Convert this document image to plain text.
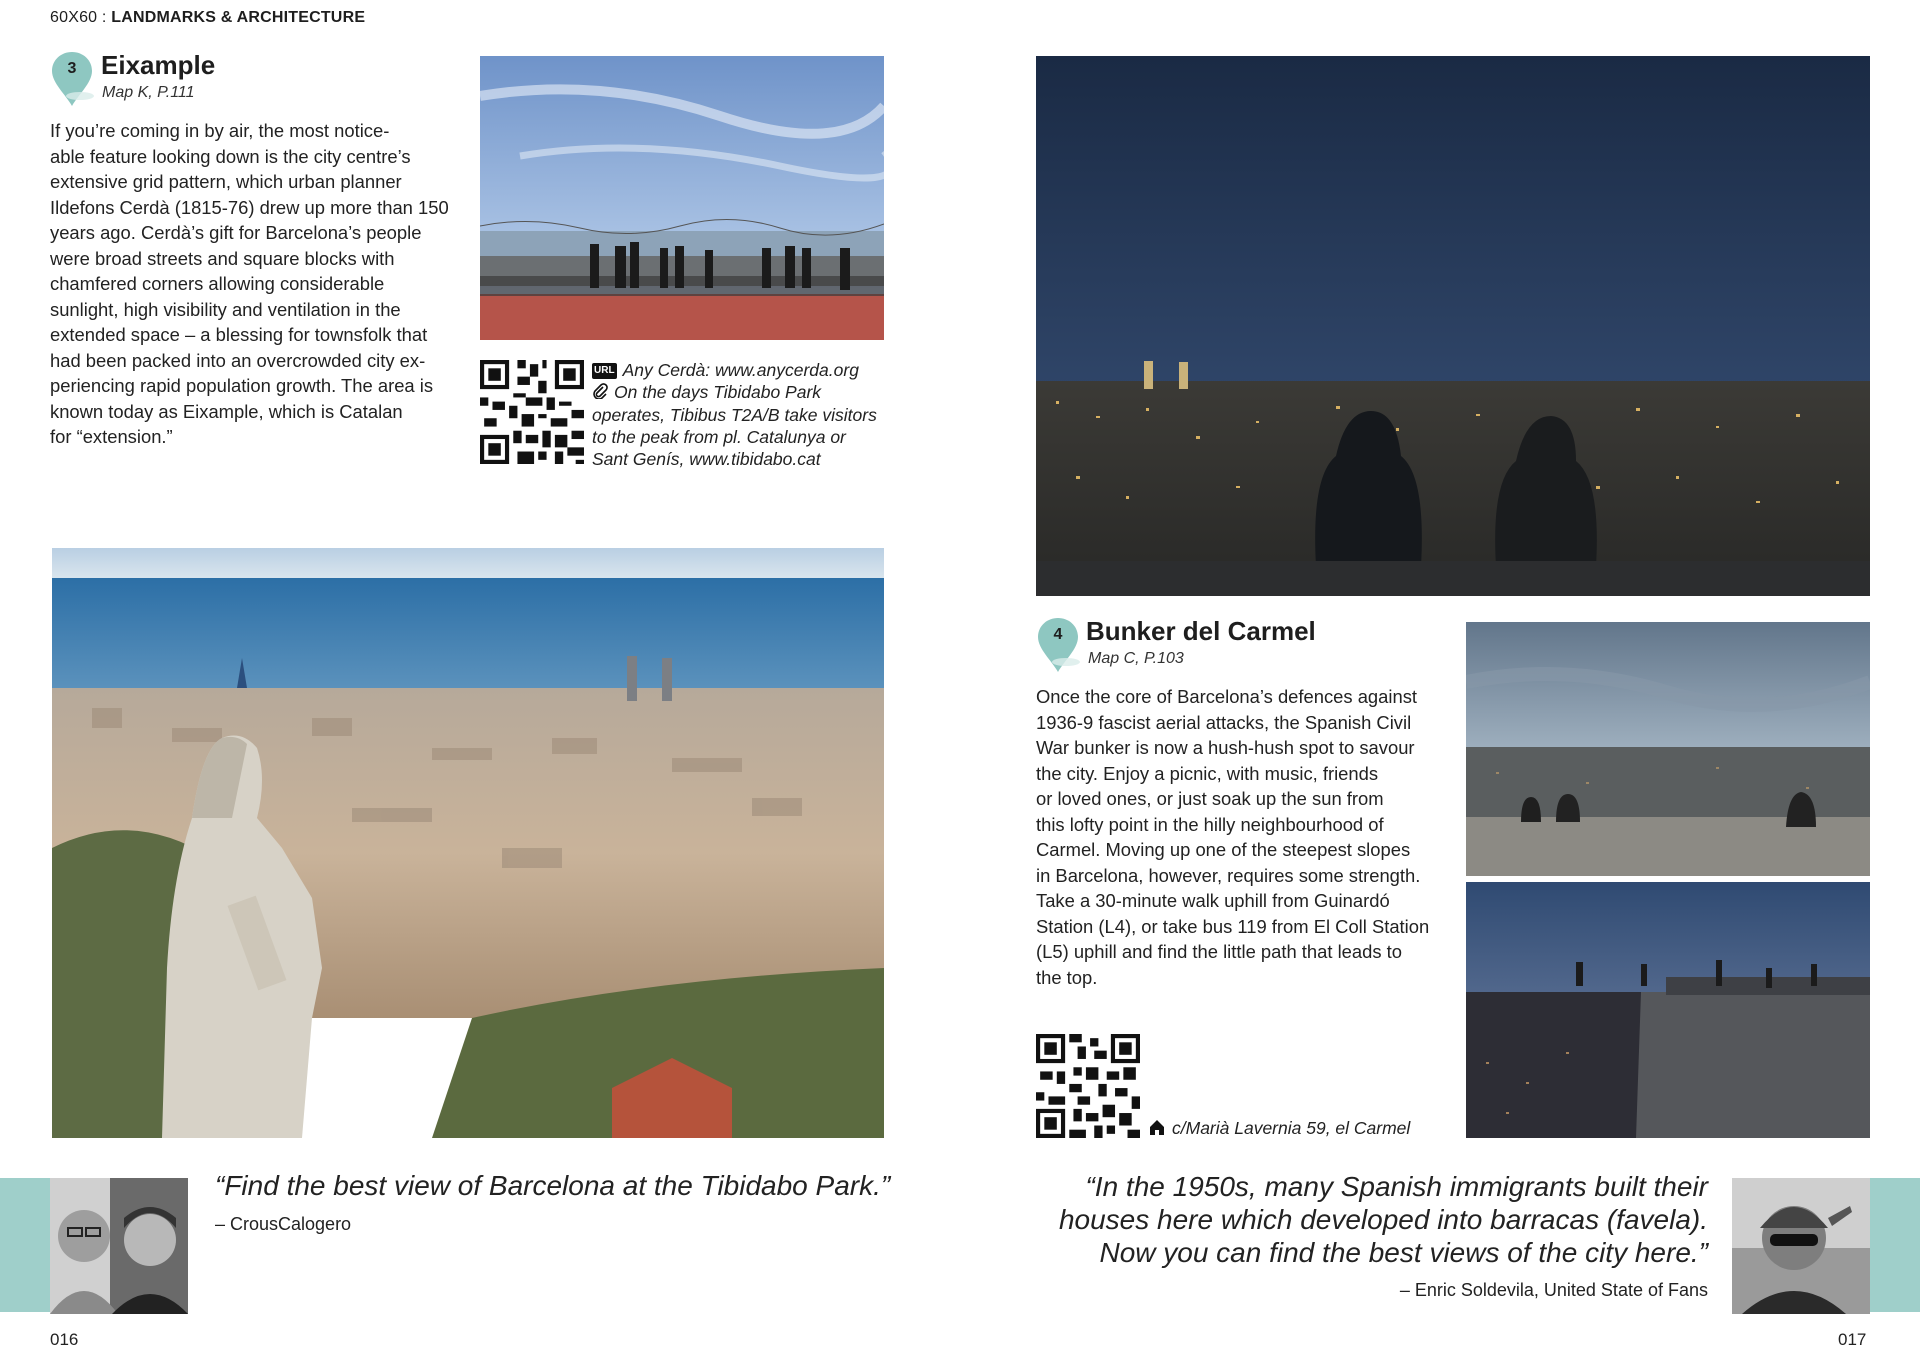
60X60 : LANDMARKS & ARCHITECTURE
3 Eixample
Map K, P.111
If you’re coming in by air, the most notice-
able feature looking down is the city centre’s
extensive grid pattern, which urban planner
Ildefons Cerdà (1815-76) drew up more than 150
years ago. Cerdà’s gift for Barcelona’s people
were broad streets and square blocks with
chamfered corners allowing considerable
sunlight, high visibility and ventilation in the
extended space – a blessing for townsfolk that
had been packed into an overcrowded city ex-
periencing rapid population growth. The area is
known today as Eixample, which is Catalan
for “extension.”
URL Any Cerdà: www.anycerda.org
On the days Tibidabo Park
operates, Tibibus T2A/B take visitors
to the peak from pl. Catalunya or
Sant Genís, www.tibidabo.cat
4 Bunker del Carmel
Map C, P.103
Once the core of Barcelona’s defences against
1936-9 fascist aerial attacks, the Spanish Civil
War bunker is now a hush-hush spot to savour
the city. Enjoy a picnic, with music, friends
or loved ones, or just soak up the sun from
this lofty point in the hilly neighbourhood of
Carmel. Moving up one of the steepest slopes
in Barcelona, however, requires some strength.
Take a 30-minute walk uphill from Guinardó
Station (L4), or take bus 119 from El Coll Station
(L5) uphill and find the little path that leads to
the top.
c/Marià Lavernia 59, el Carmel
“Find the best view of Barcelona at the Tibidabo Park.”
– CrousCalogero
“In the 1950s, many Spanish immigrants built their
houses here which developed into barracas (favela).
Now you can find the best views of the city here.”
– Enric Soldevila, United State of Fans
016	017
